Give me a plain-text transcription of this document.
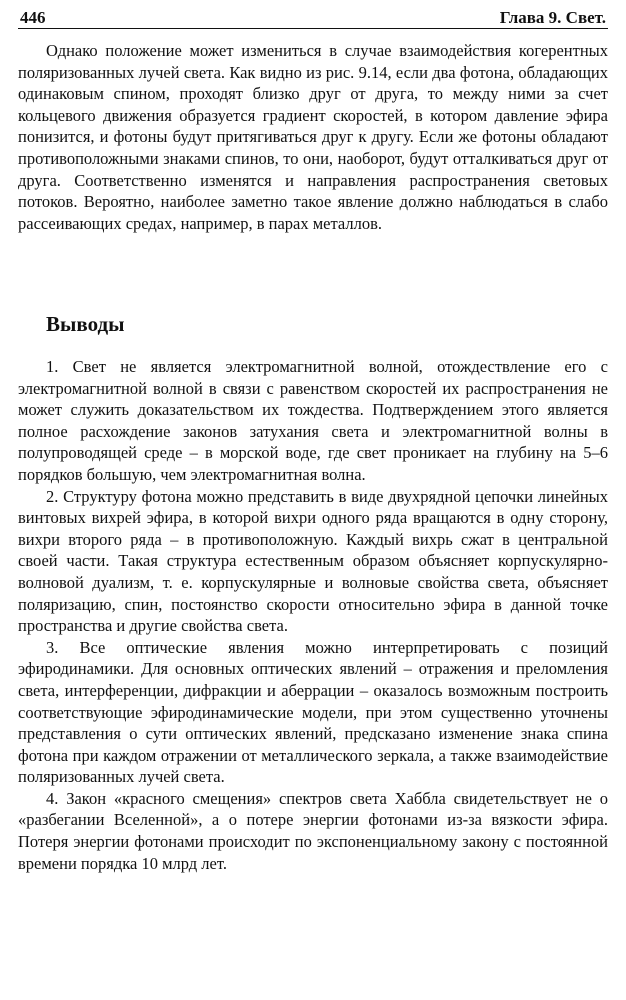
446	Глава 9. Свет.

Однако положение может измениться в случае взаимодействия когерентных поляризованных лучей света. Как видно из рис. 9.14, если два фотона, обладающих одинаковым спином, проходят близко друг от друга, то между ними за счет кольцевого движения образуется градиент скоростей, в котором давление эфира понизится, и фотоны будут притягиваться друг к другу. Если же фотоны обладают противоположными знаками спинов, то они, наоборот, будут отталкиваться друг от друга. Соответственно изменятся и направления распространения световых потоков. Вероятно, наиболее заметно такое явление должно наблюдаться в слабо рассеивающих средах, например, в парах металлов.

Выводы

1. Свет не является электромагнитной волной, отождествление его с электромагнитной волной в связи с равенством скоростей их распространения не может служить доказательством их тождества. Подтверждением этого является полное расхождение законов затухания света и электромагнитной волны в полупроводящей среде – в морской воде, где свет проникает на глубину на 5–6 порядков большую, чем электромагнитная волна.

2. Структуру фотона можно представить в виде двухрядной цепочки линейных винтовых вихрей эфира, в которой вихри одного ряда вращаются в одну сторону, вихри второго ряда – в противоположную. Каждый вихрь сжат в центральной своей части. Такая структура естественным образом объясняет корпускулярно-волновой дуализм, т. е. корпускулярные и волновые свойства света, объясняет поляризацию, спин, постоянство скорости относительно эфира в данной точке пространства и другие свойства света.

3. Все оптические явления можно интерпретировать с позиций эфиродинамики. Для основных оптических явлений – отражения и преломления света, интерференции, дифракции и аберрации – оказалось возможным построить соответствующие эфиродинамические модели, при этом существенно уточнены представления о сути оптических явлений, предсказано изменение знака спина фотона при каждом отражении от металлического зеркала, а также взаимодействие поляризованных лучей света.

4. Закон «красного смещения» спектров света Хаббла свидетельствует не о «разбегании Вселенной», а о потере энергии фотонами из-за вязкости эфира. Потеря энергии фотонами происходит по экспоненциальному закону с постоянной времени порядка 10 млрд лет.
